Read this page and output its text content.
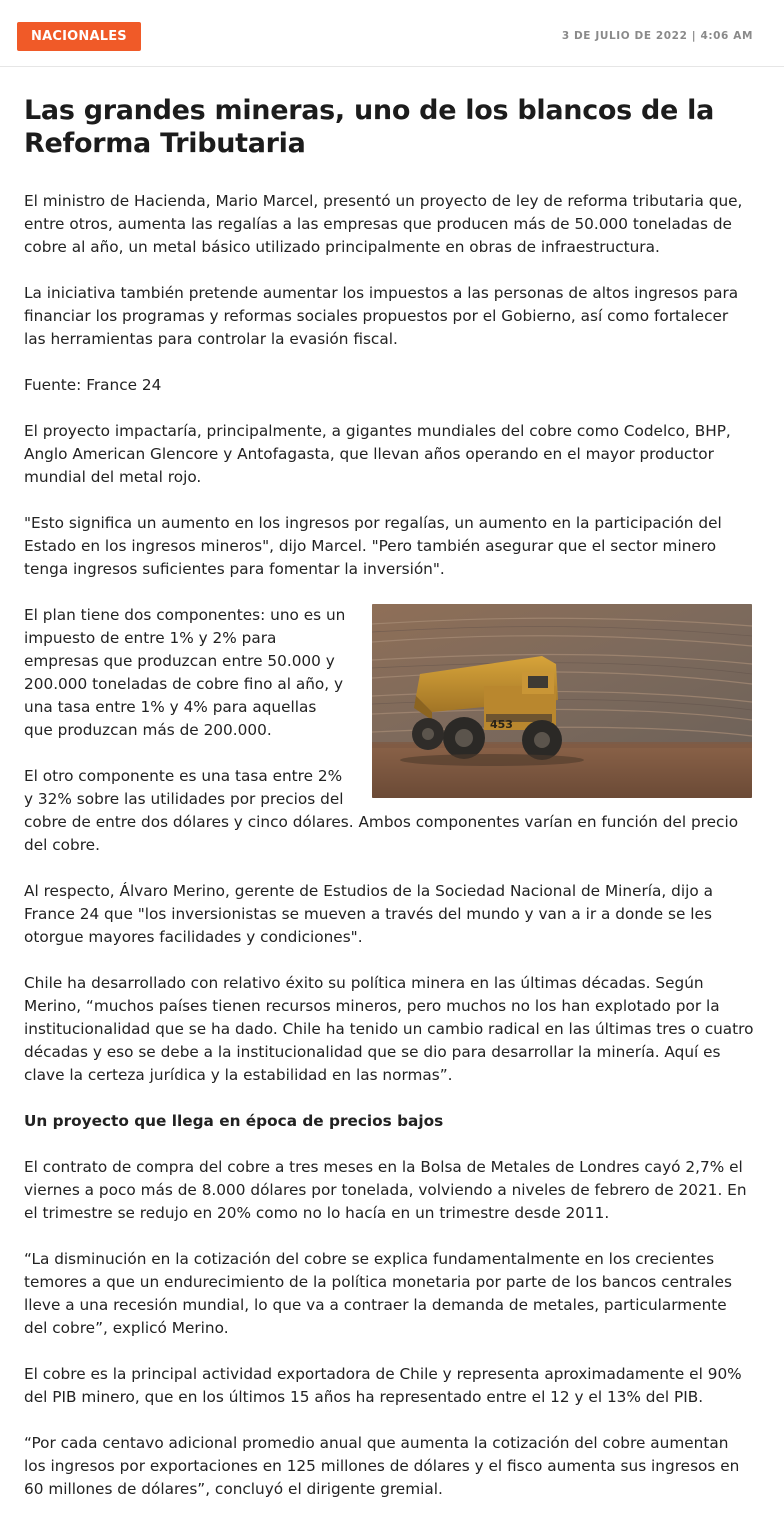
NACIONALES	3 DE JULIO DE 2022 | 4:06 AM
Las grandes mineras, uno de los blancos de la Reforma Tributaria

El ministro de Hacienda, Mario Marcel, presentó un proyecto de ley de reforma tributaria que, entre otros, aumenta las regalías a las empresas que producen más de 50.000 toneladas de cobre al año, un metal básico utilizado principalmente en obras de infraestructura.

La iniciativa también pretende aumentar los impuestos a las personas de altos ingresos para financiar los programas y reformas sociales propuestos por el Gobierno, así como fortalecer las herramientas para controlar la evasión fiscal.

Fuente: France 24

El proyecto impactaría, principalmente, a gigantes mundiales del cobre como Codelco, BHP, Anglo American Glencore y Antofagasta, que llevan años operando en el mayor productor mundial del metal rojo.

"Esto significa un aumento en los ingresos por regalías, un aumento en la participación del Estado en los ingresos mineros", dijo Marcel. "Pero también asegurar que el sector minero tenga ingresos suficientes para fomentar la inversión".

453

El plan tiene dos componentes: uno es un impuesto de entre 1% y 2% para empresas que produzcan entre 50.000 y 200.000 toneladas de cobre fino al año, y una tasa entre 1% y 4% para aquellas que produzcan más de 200.000.

El otro componente es una tasa entre 2% y 32% sobre las utilidades por precios del cobre de entre dos dólares y cinco dólares. Ambos componentes varían en función del precio del cobre.

Al respecto, Álvaro Merino, gerente de Estudios de la Sociedad Nacional de Minería, dijo a France 24 que "los inversionistas se mueven a través del mundo y van a ir a donde se les otorgue mayores facilidades y condiciones".

Chile ha desarrollado con relativo éxito su política minera en las últimas décadas. Según Merino, “muchos países tienen recursos mineros, pero muchos no los han explotado por la institucionalidad que se ha dado. Chile ha tenido un cambio radical en las últimas tres o cuatro décadas y eso se debe a la institucionalidad que se dio para desarrollar la minería. Aquí es clave la certeza jurídica y la estabilidad en las normas”.

Un proyecto que llega en época de precios bajos

El contrato de compra del cobre a tres meses en la Bolsa de Metales de Londres cayó 2,7% el viernes a poco más de 8.000 dólares por tonelada, volviendo a niveles de febrero de 2021. En el trimestre se redujo en 20% como no lo hacía en un trimestre desde 2011.

“La disminución en la cotización del cobre se explica fundamentalmente en los crecientes temores a que un endurecimiento de la política monetaria por parte de los bancos centrales lleve a una recesión mundial, lo que va a contraer la demanda de metales, particularmente del cobre”, explicó Merino.

El cobre es la principal actividad exportadora de Chile y representa aproximadamente el 90% del PIB minero, que en los últimos 15 años ha representado entre el 12 y el 13% del PIB.

“Por cada centavo adicional promedio anual que aumenta la cotización del cobre aumentan los ingresos por exportaciones en 125 millones de dólares y el fisco aumenta sus ingresos en 60 millones de dólares”, concluyó el dirigente gremial.
